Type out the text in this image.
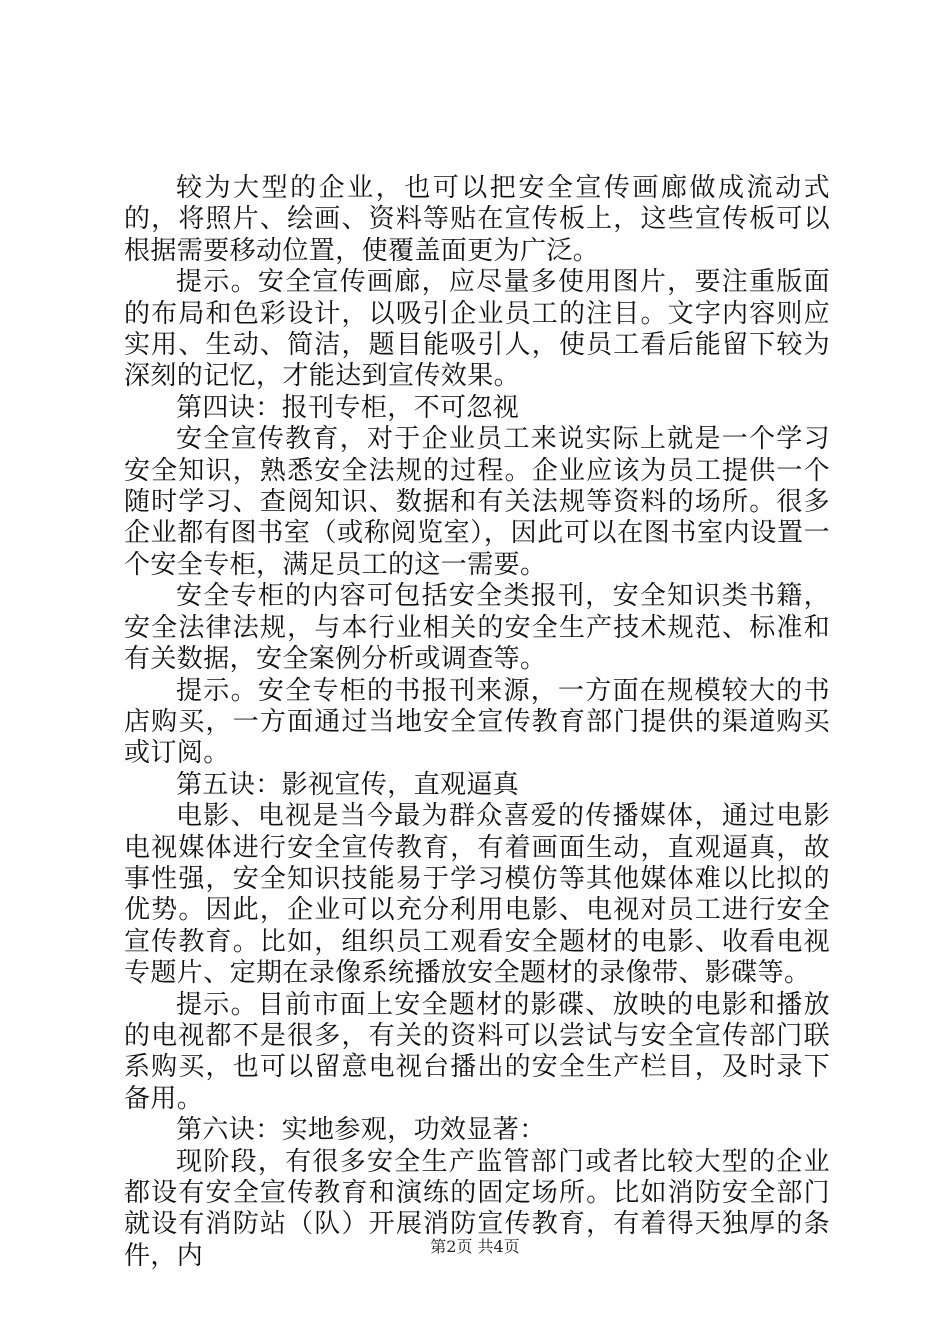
较为大型的企业，也可以把安全宣传画廊做成流动式的，将照片、绘画、资料等贴在宣传板上，这些宣传板可以根据需要移动位置，使覆盖面更为广泛。

提示。安全宣传画廊，应尽量多使用图片，要注重版面的布局和色彩设计，以吸引企业员工的注目。文字内容则应实用、生动、简洁，题目能吸引人，使员工看后能留下较为深刻的记忆，才能达到宣传效果。

第四诀：报刊专柜，不可忽视

安全宣传教育，对于企业员工来说实际上就是一个学习安全知识，熟悉安全法规的过程。企业应该为员工提供一个随时学习、查阅知识、数据和有关法规等资料的场所。很多企业都有图书室（或称阅览室），因此可以在图书室内设置一个安全专柜，满足员工的这一需要。

安全专柜的内容可包括安全类报刊，安全知识类书籍，安全法律法规，与本行业相关的安全生产技术规范、标准和有关数据，安全案例分析或调查等。

提示。安全专柜的书报刊来源，一方面在规模较大的书店购买，一方面通过当地安全宣传教育部门提供的渠道购买或订阅。

第五诀：影视宣传，直观逼真

电影、电视是当今最为群众喜爱的传播媒体，通过电影电视媒体进行安全宣传教育，有着画面生动，直观逼真，故事性强，安全知识技能易于学习模仿等其他媒体难以比拟的优势。因此，企业可以充分利用电影、电视对员工进行安全宣传教育。比如，组织员工观看安全题材的电影、收看电视专题片、定期在录像系统播放安全题材的录像带、影碟等。

提示。目前市面上安全题材的影碟、放映的电影和播放的电视都不是很多，有关的资料可以尝试与安全宣传部门联系购买，也可以留意电视台播出的安全生产栏目，及时录下备用。

第六诀：实地参观，功效显著：

现阶段，有很多安全生产监管部门或者比较大型的企业都设有安全宣传教育和演练的固定场所。比如消防安全部门就设有消防站（队）开展消防宣传教育，有着得天独厚的条件，内	第2页 共4页
